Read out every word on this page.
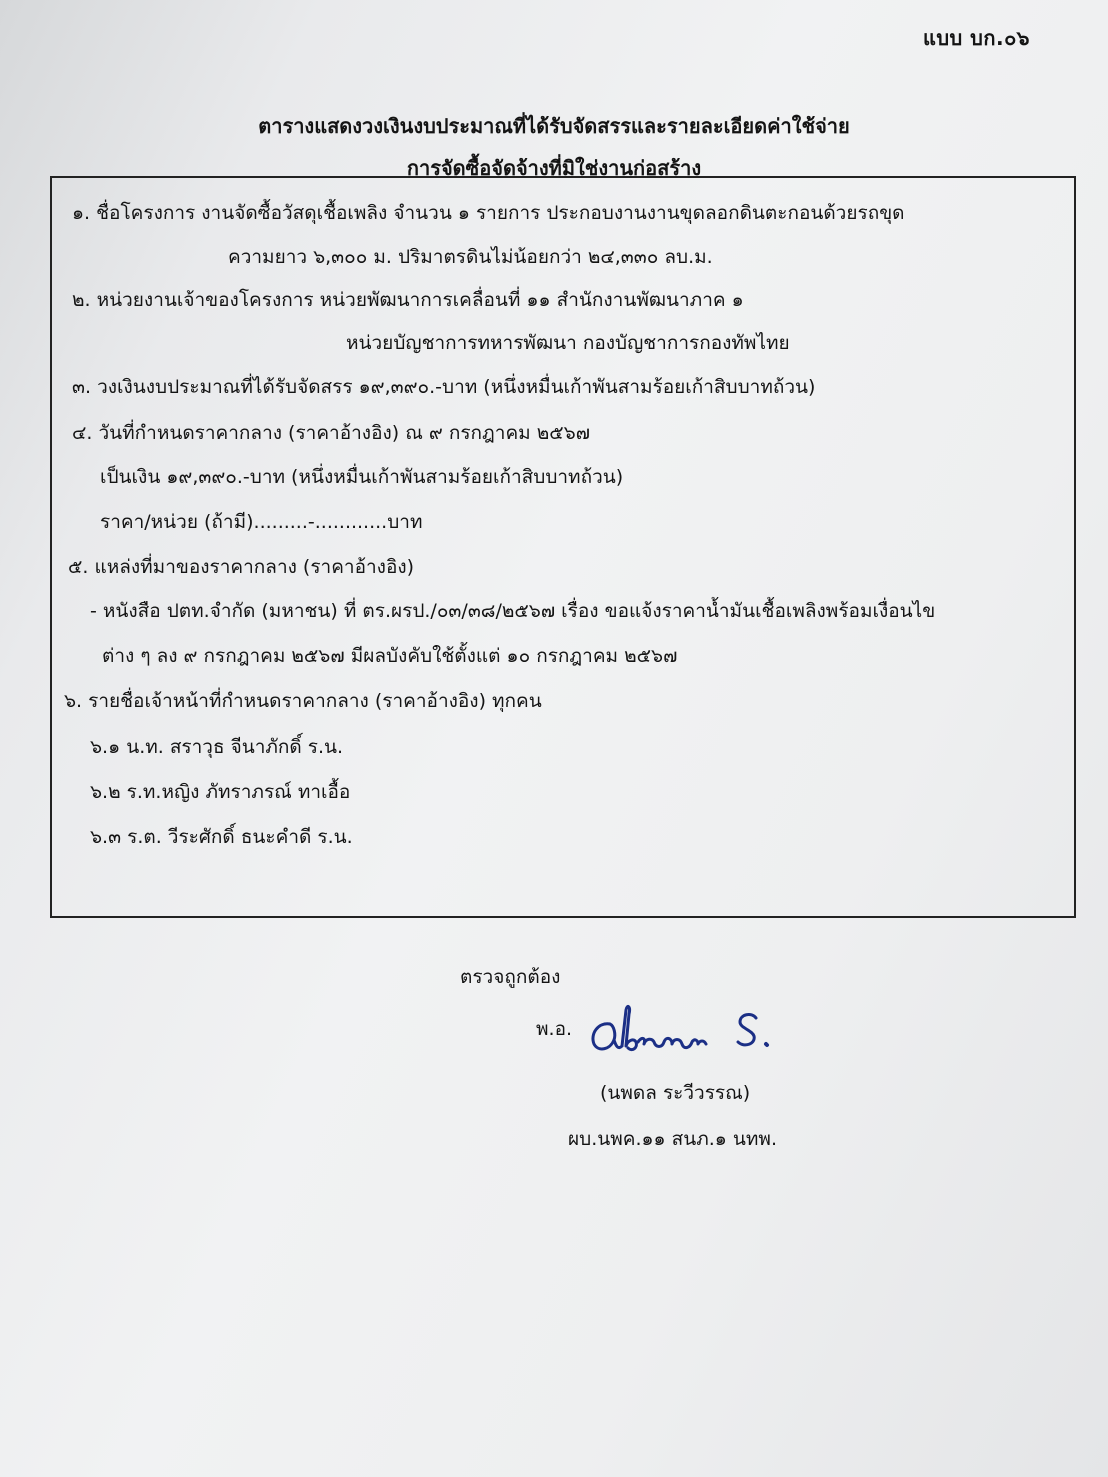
แบบ บก.๐๖
ตารางแสดงวงเงินงบประมาณที่ได้รับจัดสรรและรายละเอียดค่าใช้จ่าย
การจัดซื้อจัดจ้างที่มิใช่งานก่อสร้าง
๑. ชื่อโครงการ งานจัดซื้อวัสดุเชื้อเพลิง จำนวน ๑ รายการ ประกอบงานงานขุดลอกดินตะกอนด้วยรถขุด
ความยาว ๖,๓๐๐ ม. ปริมาตรดินไม่น้อยกว่า ๒๔,๓๓๐ ลบ.ม.
๒. หน่วยงานเจ้าของโครงการ หน่วยพัฒนาการเคลื่อนที่ ๑๑ สำนักงานพัฒนาภาค ๑
หน่วยบัญชาการทหารพัฒนา กองบัญชาการกองทัพไทย
๓. วงเงินงบประมาณที่ได้รับจัดสรร ๑๙,๓๙๐.-บาท (หนึ่งหมื่นเก้าพันสามร้อยเก้าสิบบาทถ้วน)
๔. วันที่กำหนดราคากลาง (ราคาอ้างอิง) ณ ๙ กรกฎาคม ๒๕๖๗
เป็นเงิน ๑๙,๓๙๐.-บาท (หนึ่งหมื่นเก้าพันสามร้อยเก้าสิบบาทถ้วน)
ราคา/หน่วย (ถ้ามี).........-............บาท
๕. แหล่งที่มาของราคากลาง (ราคาอ้างอิง)
- หนังสือ ปตท.จำกัด (มหาชน) ที่ ตร.ผรป./๐๓/๓๘/๒๕๖๗ เรื่อง ขอแจ้งราคาน้ำมันเชื้อเพลิงพร้อมเงื่อนไข
ต่าง ๆ ลง ๙ กรกฎาคม ๒๕๖๗ มีผลบังคับใช้ตั้งแต่ ๑๐ กรกฎาคม ๒๕๖๗
๖. รายชื่อเจ้าหน้าที่กำหนดราคากลาง (ราคาอ้างอิง) ทุกคน
๖.๑ น.ท. สราวุธ จีนาภักดิ์ ร.น.
๖.๒ ร.ท.หญิง ภัทราภรณ์ ทาเอื้อ
๖.๓ ร.ต. วีระศักดิ์ ธนะคำดี ร.น.
ตรวจถูกต้อง
พ.อ.
(นพดล ระวีวรรณ)
ผบ.นพค.๑๑ สนภ.๑ นทพ.
